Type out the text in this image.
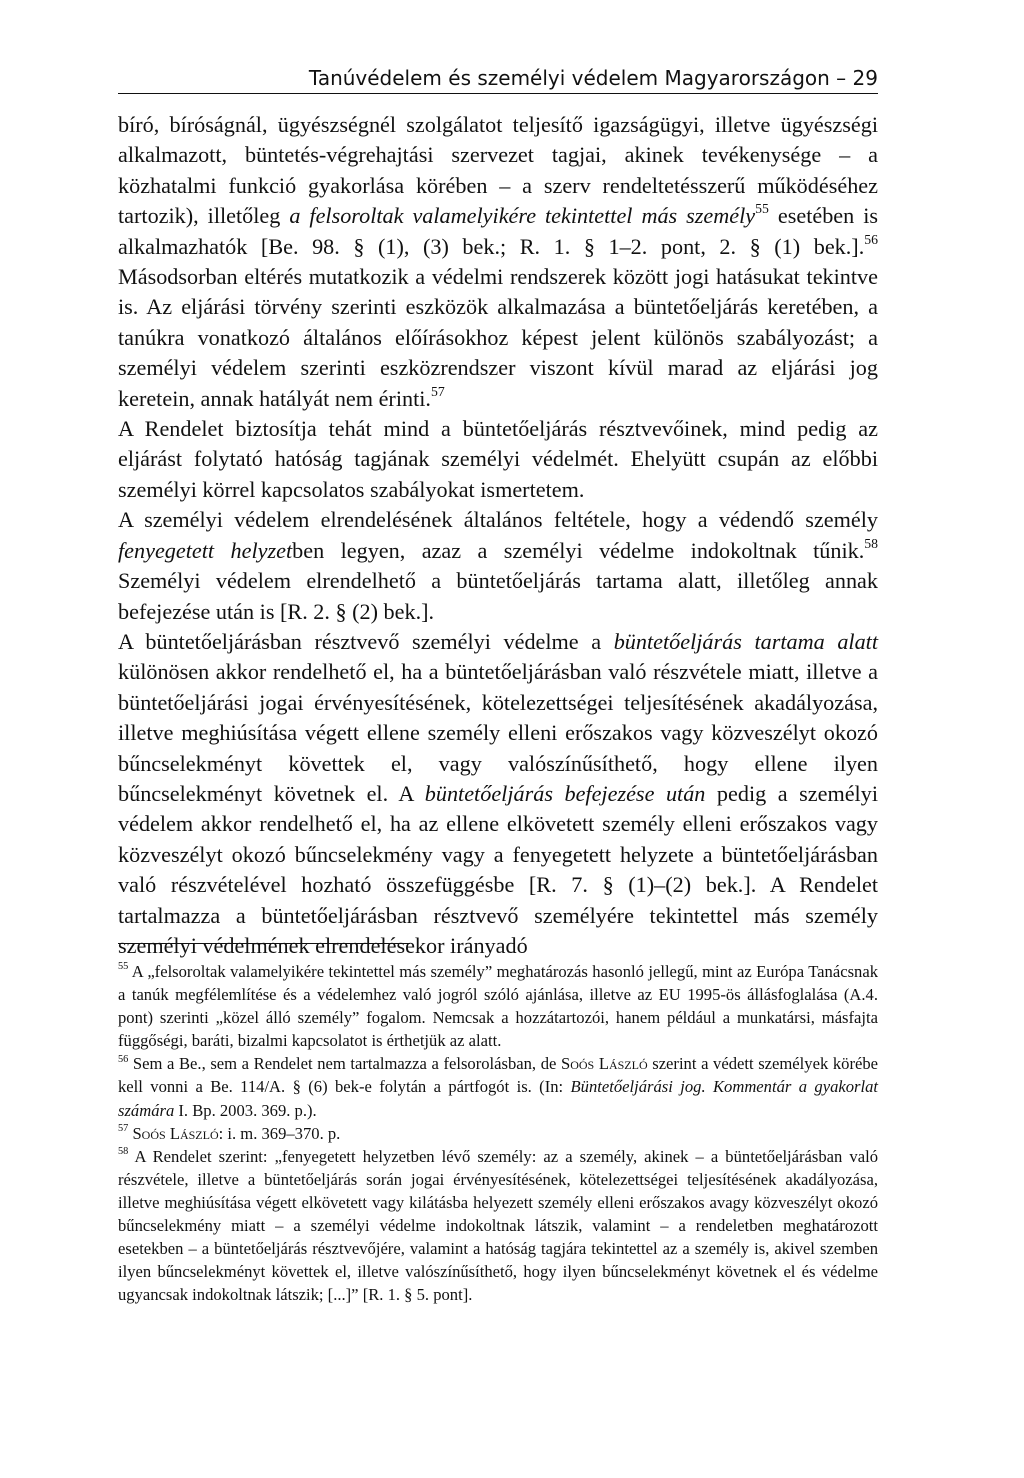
Tanúvédelem és személyi védelem Magyarországon – 29

bíró, bíróságnál, ügyészségnél szolgálatot teljesítő igazságügyi, illetve ügyészségi alkalmazott, büntetés-végrehajtási szervezet tagjai, akinek tevékenysége – a közhatalmi funkció gyakorlása körében – a szerv rendeltetésszerű működéséhez tartozik), illetőleg a felsoroltak valamelyikére tekintettel más személy$^{55}$ esetében is alkalmazhatók [Be. 98. § (1), (3) bek.; R. 1. § 1–2. pont, 2. § (1) bek.].$^{56}$ Másodsorban eltérés mutatkozik a védelmi rendszerek között jogi hatásukat tekintve is. Az eljárási törvény szerinti eszközök alkalmazása a büntetőeljárás keretében, a tanúkra vonatkozó általános előírásokhoz képest jelent különös szabályozást; a személyi védelem szerinti eszközrendszer viszont kívül marad az eljárási jog keretein, annak hatályát nem érinti.$^{57}$

A Rendelet biztosítja tehát mind a büntetőeljárás résztvevőinek, mind pedig az eljárást folytató hatóság tagjának személyi védelmét. Ehelyütt csupán az előbbi személyi körrel kapcsolatos szabályokat ismertetem.

A személyi védelem elrendelésének általános feltétele, hogy a védendő személy fenyegetett helyzetben legyen, azaz a személyi védelme indokoltnak tűnik.$^{58}$ Személyi védelem elrendelhető a büntetőeljárás tartama alatt, illetőleg annak befejezése után is [R. 2. § (2) bek.].

A büntetőeljárásban résztvevő személyi védelme a büntetőeljárás tartama alatt különösen akkor rendelhető el, ha a büntetőeljárásban való részvétele miatt, illetve a büntetőeljárási jogai érvényesítésének, kötelezettségei teljesítésének akadályozása, illetve meghiúsítása végett ellene személy elleni erőszakos vagy közveszélyt okozó bűncselekményt követtek el, vagy valószínűsíthető, hogy ellene ilyen bűncselekményt követnek el. A büntetőeljárás befejezése után pedig a személyi védelem akkor rendelhető el, ha az ellene elkövetett személy elleni erőszakos vagy közveszélyt okozó bűncselekmény vagy a fenyegetett helyzete a büntetőeljárásban való részvételével hozható összefüggésbe [R. 7. § (1)–(2) bek.]. A Rendelet tartalmazza a büntetőeljárásban résztvevő személyére tekintettel más személy személyi védelmének elrendelésekor irányadó

$^{55}$ A „felsoroltak valamelyikére tekintettel más személy” meghatározás hasonló jellegű, mint az Európa Tanácsnak a tanúk megfélemlítése és a védelemhez való jogról szóló ajánlása, illetve az EU 1995-ös állásfoglalása (A.4. pont) szerinti „közel álló személy” fogalom. Nemcsak a hozzátartozói, hanem például a munkatársi, másfajta függőségi, baráti, bizalmi kapcsolatot is érthetjük az alatt.

$^{56}$ Sem a Be., sem a Rendelet nem tartalmazza a felsorolásban, de Soós László szerint a védett személyek körébe kell vonni a Be. 114/A. § (6) bek-e folytán a pártfogót is. (In: Büntetőeljárási jog. Kommentár a gyakorlat számára I. Bp. 2003. 369. p.).

$^{57}$ Soós László: i. m. 369–370. p.

$^{58}$ A Rendelet szerint: „fenyegetett helyzetben lévő személy: az a személy, akinek – a büntetőeljárásban való részvétele, illetve a büntetőeljárás során jogai érvényesítésének, kötelezettségei teljesítésének akadályozása, illetve meghiúsítása végett elkövetett vagy kilátásba helyezett személy elleni erőszakos avagy közveszélyt okozó bűncselekmény miatt – a személyi védelme indokoltnak látszik, valamint – a rendeletben meghatározott esetekben – a büntetőeljárás résztvevőjére, valamint a hatóság tagjára tekintettel az a személy is, akivel szemben ilyen bűncselekményt követtek el, illetve valószínűsíthető, hogy ilyen bűncselekményt követnek el és védelme ugyancsak indokoltnak látszik; [...]” [R. 1. § 5. pont].
